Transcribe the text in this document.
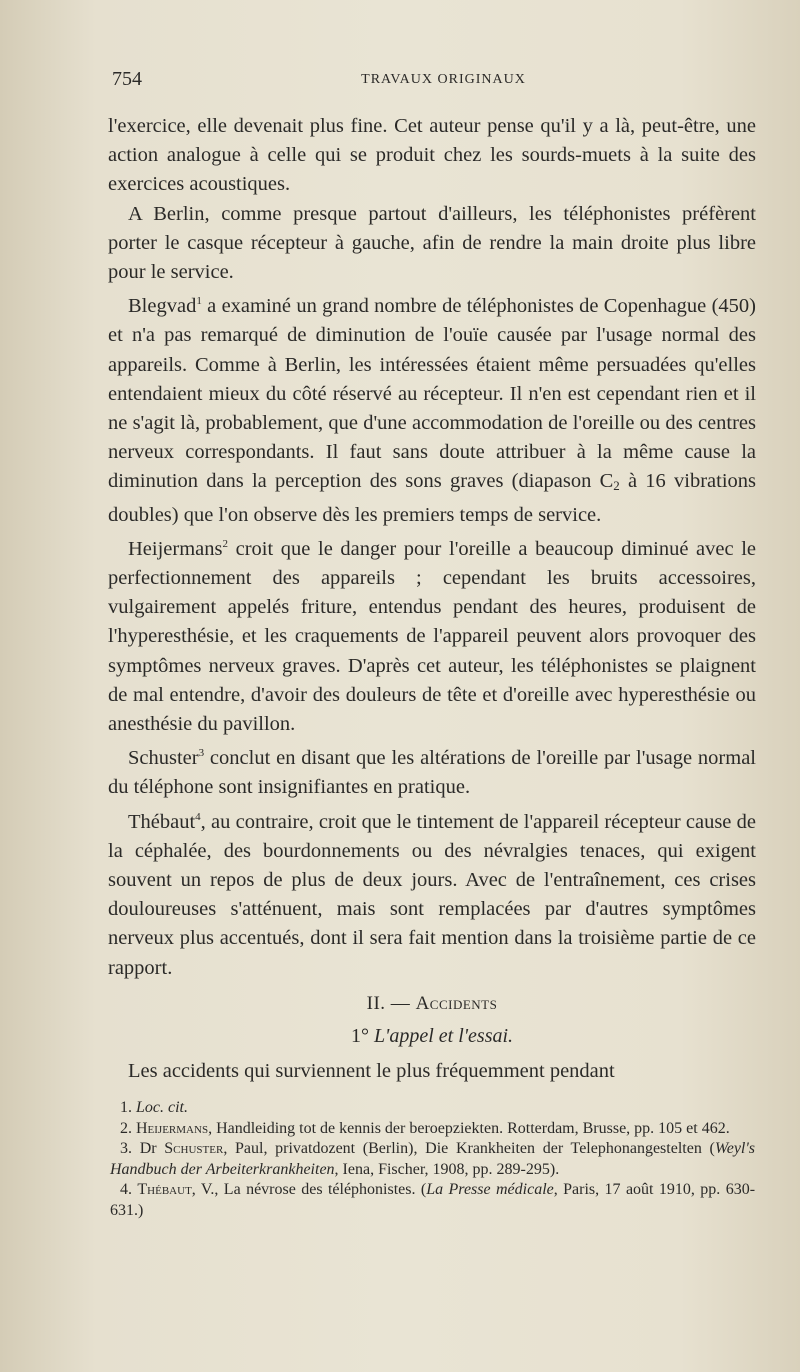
754	TRAVAUX ORIGINAUX

l'exercice, elle devenait plus fine. Cet auteur pense qu'il y a là, peut-être, une action analogue à celle qui se produit chez les sourds-muets à la suite des exercices acoustiques.

A Berlin, comme presque partout d'ailleurs, les téléphonistes préfèrent porter le casque récepteur à gauche, afin de rendre la main droite plus libre pour le service.

Blegvad$^1$ a examiné un grand nombre de téléphonistes de Copenhague (450) et n'a pas remarqué de diminution de l'ouïe causée par l'usage normal des appareils. Comme à Berlin, les intéressées étaient même persuadées qu'elles entendaient mieux du côté réservé au récepteur. Il n'en est cependant rien et il ne s'agit là, probablement, que d'une accommodation de l'oreille ou des centres nerveux correspondants. Il faut sans doute attribuer à la même cause la diminution dans la perception des sons graves (diapason $C_2$ à 16 vibrations doubles) que l'on observe dès les premiers temps de service.

Heijermans$^2$ croit que le danger pour l'oreille a beaucoup diminué avec le perfectionnement des appareils ; cependant les bruits accessoires, vulgairement appelés friture, entendus pendant des heures, produisent de l'hyperesthésie, et les craquements de l'appareil peuvent alors provoquer des symptômes nerveux graves. D'après cet auteur, les téléphonistes se plaignent de mal entendre, d'avoir des douleurs de tête et d'oreille avec hyperesthésie ou anesthésie du pavillon.

Schuster$^3$ conclut en disant que les altérations de l'oreille par l'usage normal du téléphone sont insignifiantes en pratique.

Thébaut$^4$, au contraire, croit que le tintement de l'appareil récepteur cause de la céphalée, des bourdonnements ou des névralgies tenaces, qui exigent souvent un repos de plus de deux jours. Avec de l'entraînement, ces crises douloureuses s'atténuent, mais sont remplacées par d'autres symptômes nerveux plus accentués, dont il sera fait mention dans la troisième partie de ce rapport.

II. — Accidents
1° L'appel et l'essai.

Les accidents qui surviennent le plus fréquemment pendant

1. Loc. cit.

2. Heijermans, Handleiding tot de kennis der beroepziekten. Rotterdam, Brusse, pp. 105 et 462.

3. Dr Schuster, Paul, privatdozent (Berlin), Die Krankheiten der Telephonangestelten (Weyl's Handbuch der Arbeiterkrankheiten, Iena, Fischer, 1908, pp. 289-295).

4. Thébaut, V., La névrose des téléphonistes. (La Presse médicale, Paris, 17 août 1910, pp. 630-631.)
